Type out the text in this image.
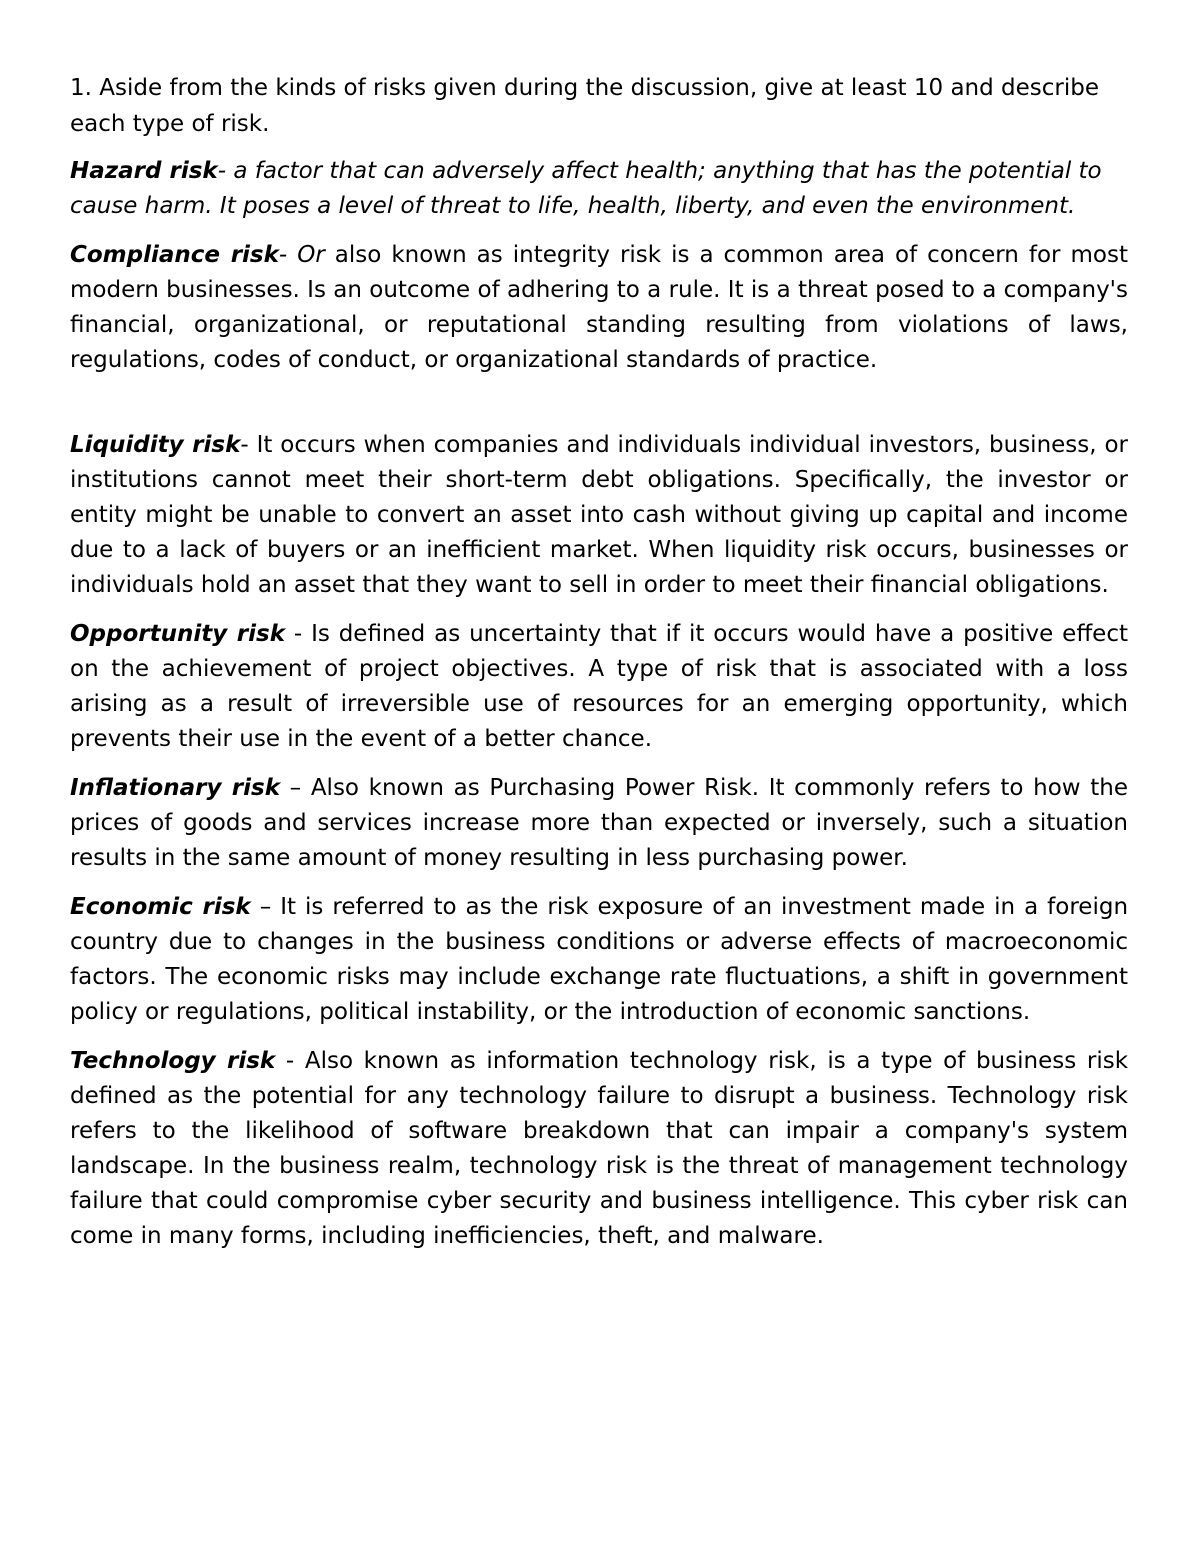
1. Aside from the kinds of risks given during the discussion, give at least 10 and describe each type of risk.

Hazard risk- a factor that can adversely affect health; anything that has the potential to cause harm. It poses a level of threat to life, health, liberty, and even the environment.

Compliance risk- Or also known as integrity risk is a common area of concern for most modern businesses. Is an outcome of adhering to a rule. It is a threat posed to a company's financial, organizational, or reputational standing resulting from violations of laws, regulations, codes of conduct, or organizational standards of practice.

Liquidity risk- It occurs when companies and individuals individual investors, business, or institutions cannot meet their short-term debt obligations. Specifically, the investor or entity might be unable to convert an asset into cash without giving up capital and income due to a lack of buyers or an inefficient market. When liquidity risk occurs, businesses or individuals hold an asset that they want to sell in order to meet their financial obligations.

Opportunity risk - Is defined as uncertainty that if it occurs would have a positive effect on the achievement of project objectives. A type of risk that is associated with a loss arising as a result of irreversible use of resources for an emerging opportunity, which prevents their use in the event of a better chance.

Inflationary risk – Also known as Purchasing Power Risk. It commonly refers to how the prices of goods and services increase more than expected or inversely, such a situation results in the same amount of money resulting in less purchasing power.

Economic risk – It is referred to as the risk exposure of an investment made in a foreign country due to changes in the business conditions or adverse effects of macroeconomic factors. The economic risks may include exchange rate fluctuations, a shift in government policy or regulations, political instability, or the introduction of economic sanctions.

Technology risk - Also known as information technology risk, is a type of business risk defined as the potential for any technology failure to disrupt a business. Technology risk refers to the likelihood of software breakdown that can impair a company's system landscape. In the business realm, technology risk is the threat of management technology failure that could compromise cyber security and business intelligence. This cyber risk can come in many forms, including inefficiencies, theft, and malware.
